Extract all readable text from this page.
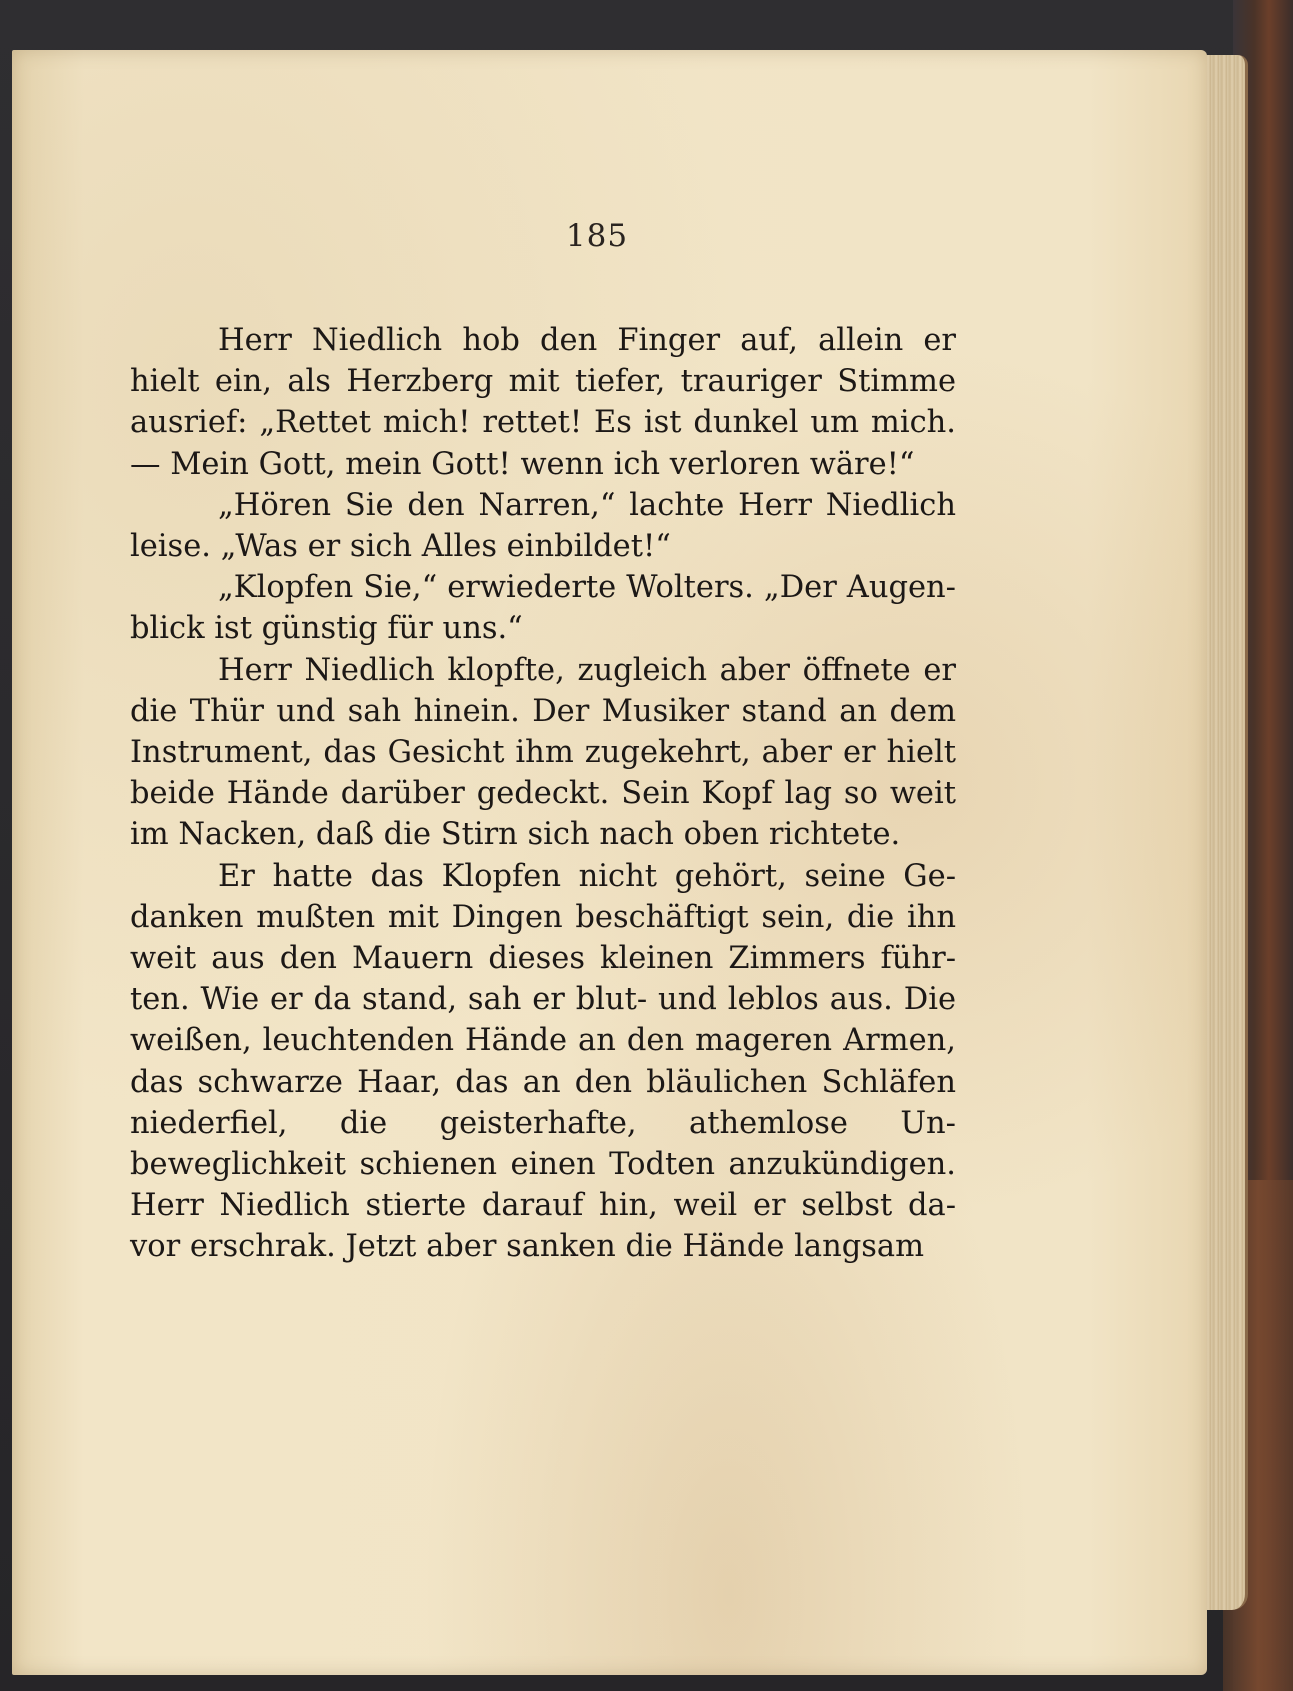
185

Herr Niedlich hob den Finger auf, allein er hielt ein, als Herzberg mit tiefer, trauriger Stimme ausrief: „Rettet mich! rettet! Es ist dunkel um mich. — Mein Gott, mein Gott! wenn ich verloren wäre!“

„Hören Sie den Narren,“ lachte Herr Niedlich leise. „Was er sich Alles einbildet!“

„Klopfen Sie,“ erwiederte Wolters. „Der Augen- blick ist günstig für uns.“

Herr Niedlich klopfte, zugleich aber öffnete er die Thür und sah hinein. Der Musiker stand an dem Instrument, das Gesicht ihm zugekehrt, aber er hielt beide Hände darüber gedeckt. Sein Kopf lag so weit im Nacken, daß die Stirn sich nach oben richtete.

Er hatte das Klopfen nicht gehört, seine Ge- danken mußten mit Dingen beschäftigt sein, die ihn weit aus den Mauern dieses kleinen Zimmers führ- ten. Wie er da stand, sah er blut- und leblos aus. Die weißen, leuchtenden Hände an den mageren Armen, das schwarze Haar, das an den bläulichen Schläfen niederfiel, die geisterhafte, athemlose Un- beweglichkeit schienen einen Todten anzukündigen. Herr Niedlich stierte darauf hin, weil er selbst da- vor erschrak. Jetzt aber sanken die Hände langsam
